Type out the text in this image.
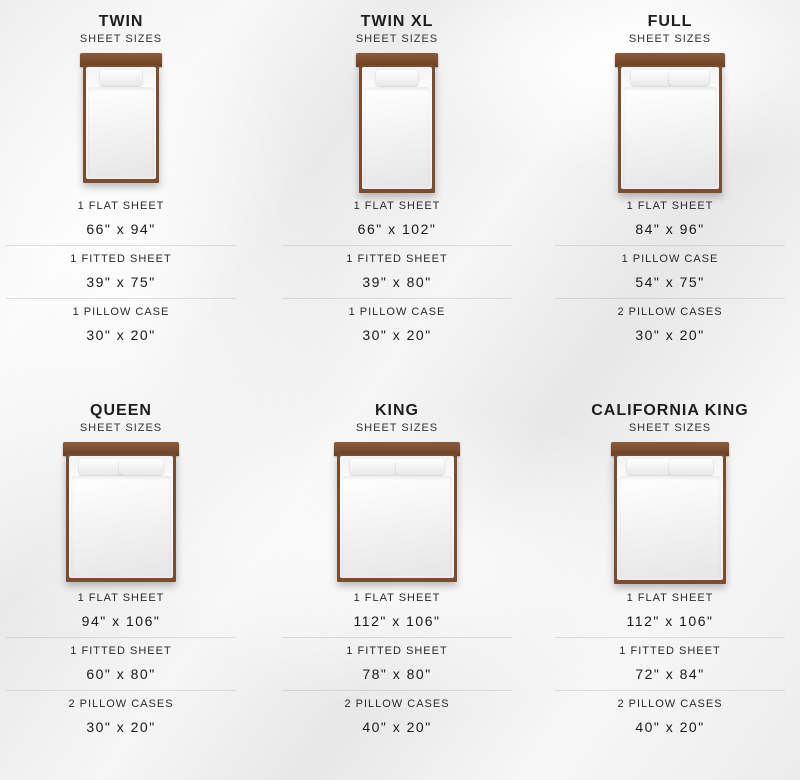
TWIN
SHEET SIZES
1 FLAT SHEET
66" x 94"
1 FITTED SHEET
39" x 75"
1 PILLOW CASE
30" x 20"
TWIN XL
SHEET SIZES
1 FLAT SHEET
66" x 102"
1 FITTED SHEET
39" x 80"
1 PILLOW CASE
30" x 20"
FULL
SHEET SIZES
1 FLAT SHEET
84" x 96"
1 PILLOW CASE
54" x 75"
2 PILLOW CASES
30" x 20"
QUEEN
SHEET SIZES
1 FLAT SHEET
94" x 106"
1 FITTED SHEET
60" x 80"
2 PILLOW CASES
30" x 20"
KING
SHEET SIZES
1 FLAT SHEET
112" x 106"
1 FITTED SHEET
78" x 80"
2 PILLOW CASES
40" x 20"
CALIFORNIA KING
SHEET SIZES
1 FLAT SHEET
112" x 106"
1 FITTED SHEET
72" x 84"
2 PILLOW CASES
40" x 20"
